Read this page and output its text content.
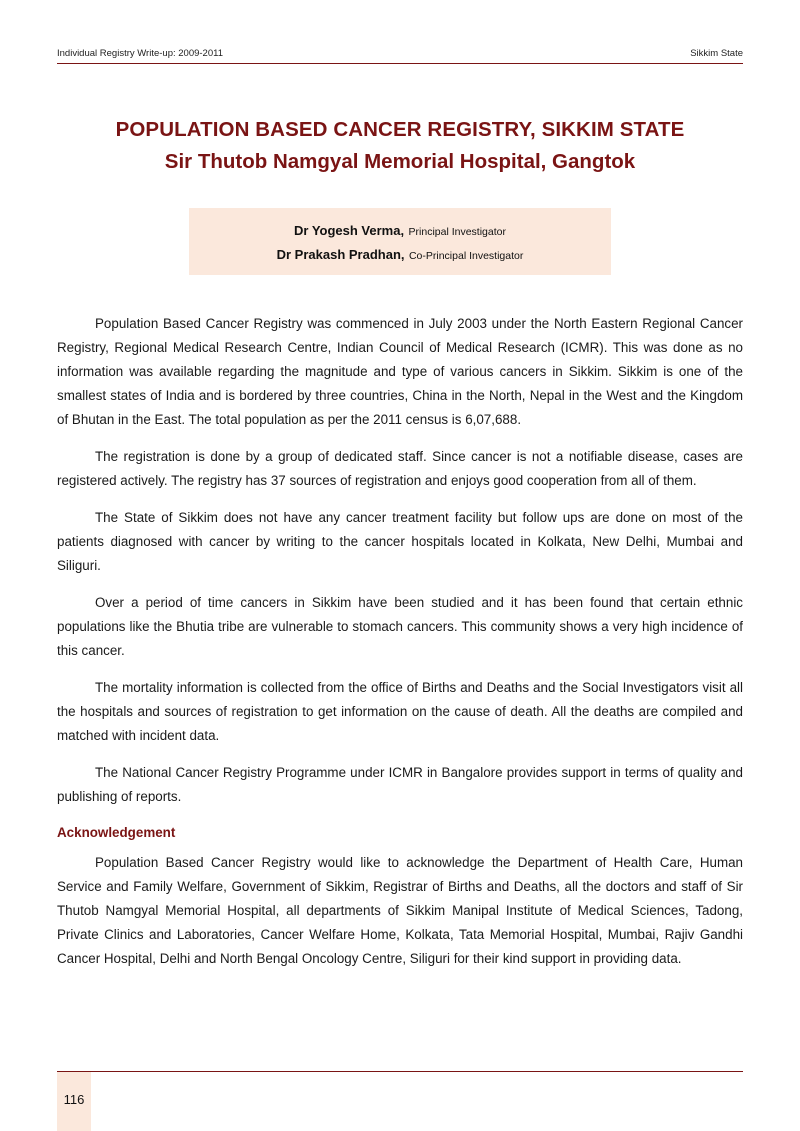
Individual Registry Write-up: 2009-2011	Sikkim State
POPULATION BASED CANCER REGISTRY, SIKKIM STATE
Sir Thutob Namgyal Memorial Hospital, Gangtok
Dr Yogesh Verma, Principal Investigator
Dr Prakash Pradhan, Co-Principal Investigator

Population Based Cancer Registry was commenced in July 2003 under the North Eastern Regional Cancer Registry, Regional Medical Research Centre, Indian Council of Medical Research (ICMR). This was done as no information was available regarding the magnitude and type of various cancers in Sikkim. Sikkim is one of the smallest states of India and is bordered by three countries, China in the North, Nepal in the West and the Kingdom of Bhutan in the East. The total population as per the 2011 census is 6,07,688.

The registration is done by a group of dedicated staff. Since cancer is not a notifiable disease, cases are registered actively. The registry has 37 sources of registration and enjoys good cooperation from all of them.

The State of Sikkim does not have any cancer treatment facility but follow ups are done on most of the patients diagnosed with cancer by writing to the cancer hospitals located in Kolkata, New Delhi, Mumbai and Siliguri.

Over a period of time cancers in Sikkim have been studied and it has been found that certain ethnic populations like the Bhutia tribe are vulnerable to stomach cancers. This community shows a very high incidence of this cancer.

The mortality information is collected from the office of Births and Deaths and the Social Investigators visit all the hospitals and sources of registration to get information on the cause of death. All the deaths are compiled and matched with incident data.

The National Cancer Registry Programme under ICMR in Bangalore provides support in terms of quality and publishing of reports.

Acknowledgement

Population Based Cancer Registry would like to acknowledge the Department of Health Care, Human Service and Family Welfare, Government of Sikkim, Registrar of Births and Deaths, all the doctors and staff of Sir Thutob Namgyal Memorial Hospital, all departments of Sikkim Manipal Institute of Medical Sciences, Tadong, Private Clinics and Laboratories, Cancer Welfare Home, Kolkata, Tata Memorial Hospital, Mumbai, Rajiv Gandhi Cancer Hospital, Delhi and North Bengal Oncology Centre, Siliguri for their kind support in providing data.

116
